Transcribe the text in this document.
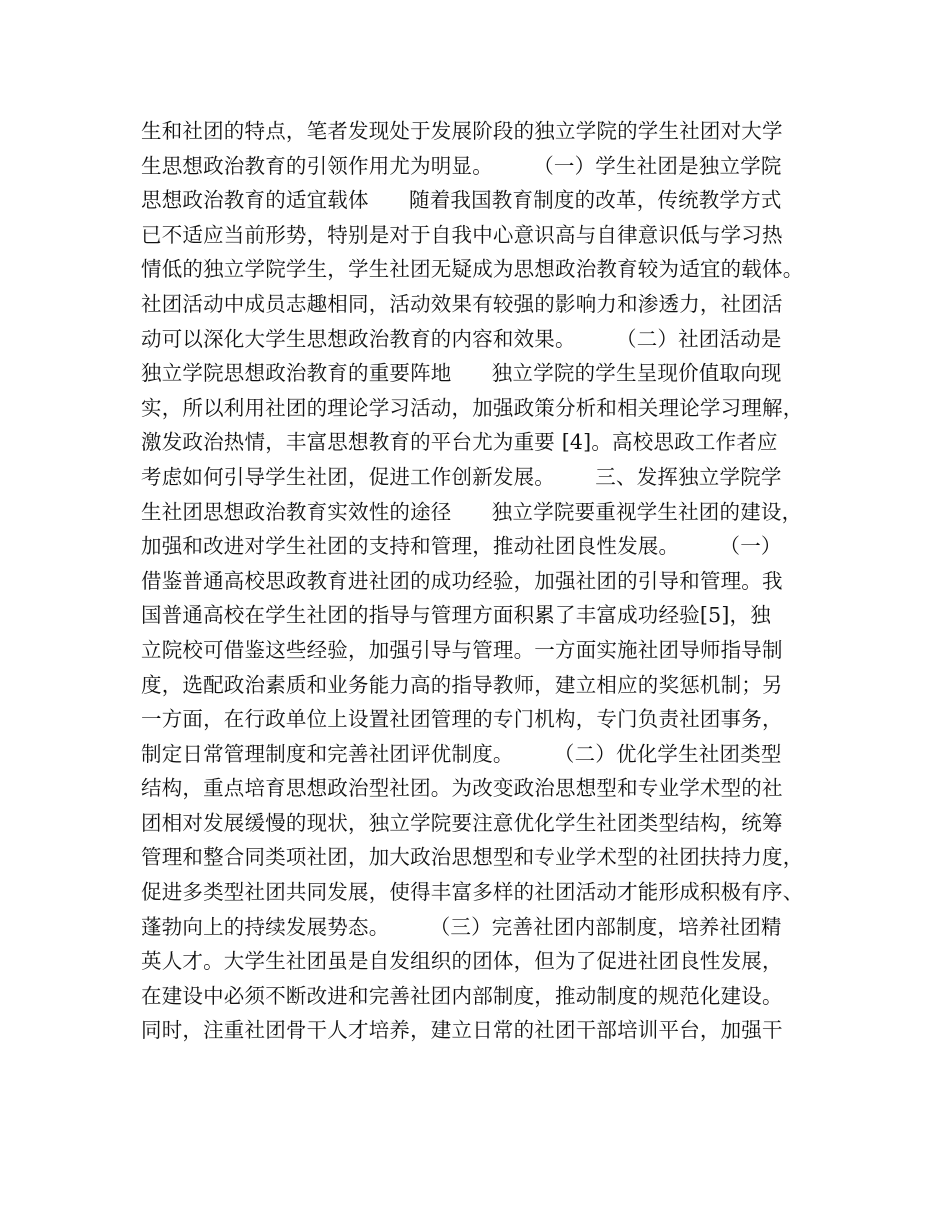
生和社团的特点，笔者发现处于发展阶段的独立学院的学生社团对大学
生思想政治教育的引领作用尤为明显。      （一）学生社团是独立学院
思想政治教育的适宜载体      随着我国教育制度的改革，传统教学方式
已不适应当前形势，特别是对于自我中心意识高与自律意识低与学习热
情低的独立学院学生，学生社团无疑成为思想政治教育较为适宜的载体。
社团活动中成员志趣相同，活动效果有较强的影响力和渗透力，社团活
动可以深化大学生思想政治教育的内容和效果。      （二）社团活动是
独立学院思想政治教育的重要阵地      独立学院的学生呈现价值取向现
实，所以利用社团的理论学习活动，加强政策分析和相关理论学习理解，
激发政治热情，丰富思想教育的平台尤为重要 [4]。高校思政工作者应
考虑如何引导学生社团，促进工作创新发展。      三、发挥独立学院学
生社团思想政治教育实效性的途径      独立学院要重视学生社团的建设，
加强和改进对学生社团的支持和管理，推动社团良性发展。      （一）
借鉴普通高校思政教育进社团的成功经验，加强社团的引导和管理。我
国普通高校在学生社团的指导与管理方面积累了丰富成功经验[5]，独
立院校可借鉴这些经验，加强引导与管理。一方面实施社团导师指导制
度，选配政治素质和业务能力高的指导教师，建立相应的奖惩机制；另
一方面，在行政单位上设置社团管理的专门机构，专门负责社团事务，
制定日常管理制度和完善社团评优制度。      （二）优化学生社团类型
结构，重点培育思想政治型社团。为改变政治思想型和专业学术型的社
团相对发展缓慢的现状，独立学院要注意优化学生社团类型结构，统筹
管理和整合同类项社团，加大政治思想型和专业学术型的社团扶持力度，
促进多类型社团共同发展，使得丰富多样的社团活动才能形成积极有序、
蓬勃向上的持续发展势态。      （三）完善社团内部制度，培养社团精
英人才。大学生社团虽是自发组织的团体，但为了促进社团良性发展，
在建设中必须不断改进和完善社团内部制度，推动制度的规范化建设。
同时，注重社团骨干人才培养，建立日常的社团干部培训平台，加强干
